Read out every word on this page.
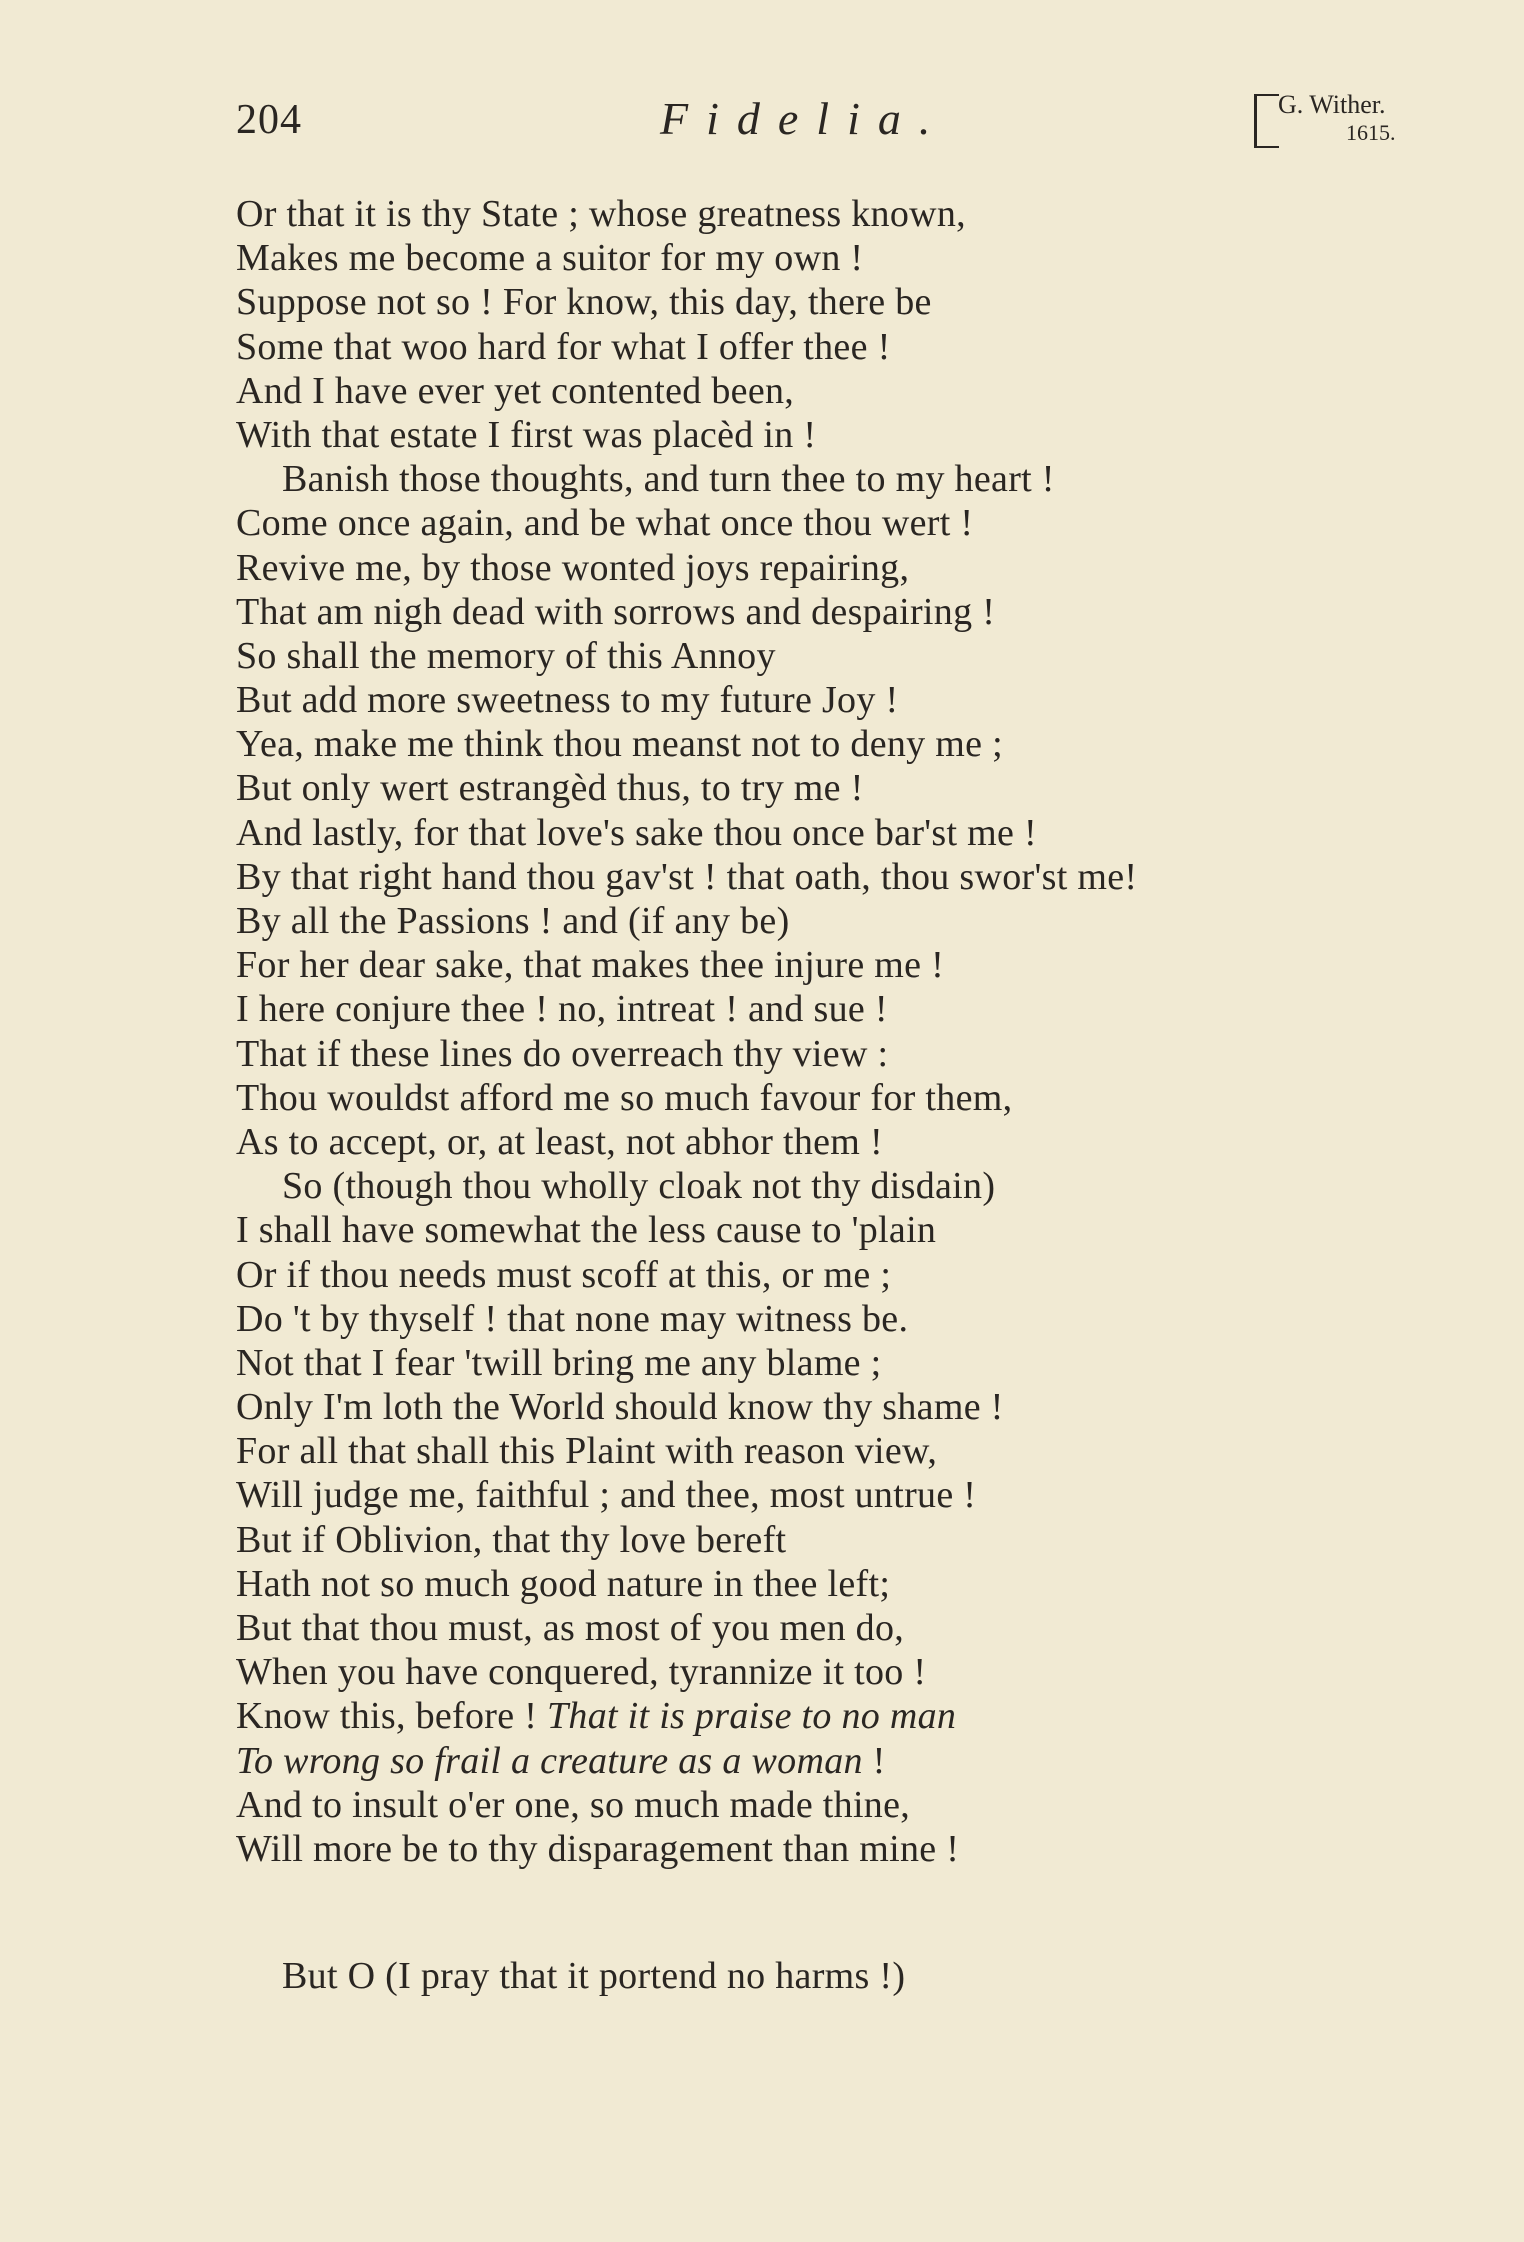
204	Fidelia.	G. Wither.
1615.
Or that it is thy State ; whose greatness known,
Makes me become a suitor for my own !
Suppose not so ! For know, this day, there be
Some that woo hard for what I offer thee !
And I have ever yet contented been,
With that estate I first was placèd in !
Banish those thoughts, and turn thee to my heart !
Come once again, and be what once thou wert !
Revive me, by those wonted joys repairing,
That am nigh dead with sorrows and despairing !
So shall the memory of this Annoy
But add more sweetness to my future Joy !
Yea, make me think thou meanst not to deny me ;
But only wert estrangèd thus, to try me !
And lastly, for that love's sake thou once bar'st me !
By that right hand thou gav'st ! that oath, thou swor'st me!
By all the Passions ! and (if any be)
For her dear sake, that makes thee injure me !
I here conjure thee ! no, intreat ! and sue !
That if these lines do overreach thy view :
Thou wouldst afford me so much favour for them,
As to accept, or, at least, not abhor them !
So (though thou wholly cloak not thy disdain)
I shall have somewhat the less cause to 'plain
Or if thou needs must scoff at this, or me ;
Do 't by thyself ! that none may witness be.
Not that I fear 'twill bring me any blame ;
Only I'm loth the World should know thy shame !
For all that shall this Plaint with reason view,
Will judge me, faithful ; and thee, most untrue !
But if Oblivion, that thy love bereft
Hath not so much good nature in thee left;
But that thou must, as most of you men do,
When you have conquered, tyrannize it too !
Know this, before ! That it is praise to no man
To wrong so frail a creature as a woman !
And to insult o'er one, so much made thine,
Will more be to thy disparagement than mine !
But O (I pray that it portend no harms !)
